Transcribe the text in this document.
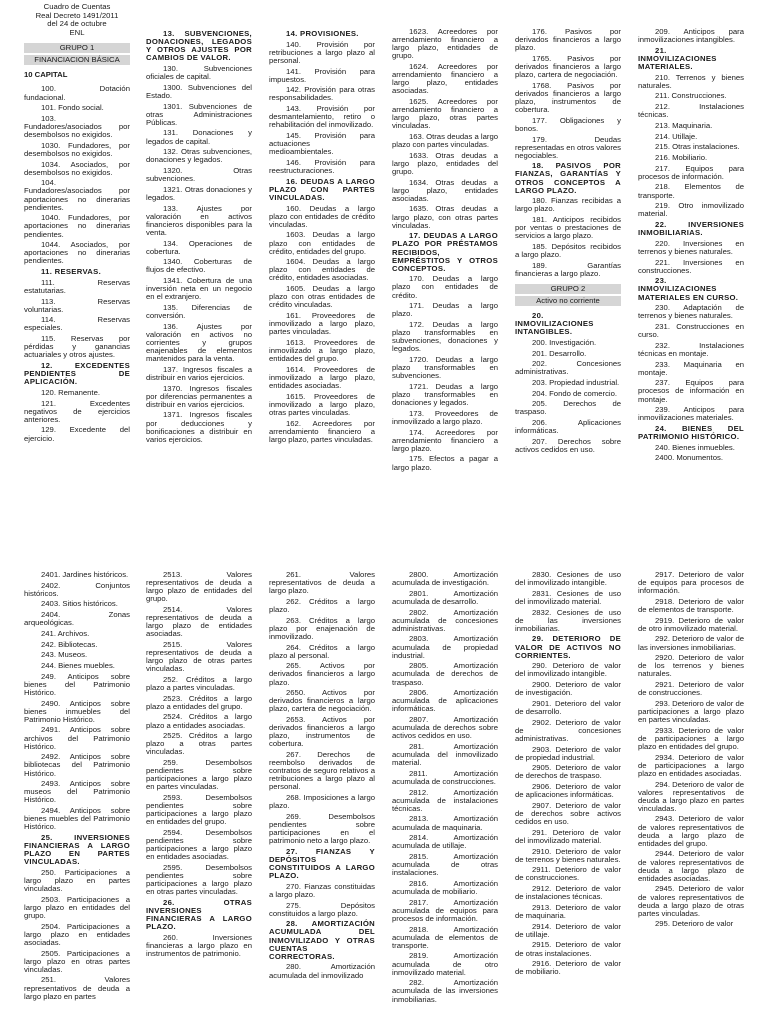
Cuadro de Cuentas

Real Decreto 1491/2011

del 24 de octubre

ENL

GRUPO 1

FINANCIACION BÁSICA

10 CAPITAL

100. Dotación fundacional.

101. Fondo social.

103. Fundadores/asociados por desembolsos no exigidos.

1030. Fundadores, por desembolsos no exigidos.

1034. Asociados, por desembolsos no exigidos.

104. Fundadores/asociados por aportaciones no dinerarias pendientes.

1040. Fundadores, por aportaciones no dinerarias pendientes.

1044. Asociados, por aportaciones no dinerarias pendientes.

11. RESERVAS.

111. Reservas estatutarias.

113. Reservas voluntarias.

114. Reservas especiales.

115. Reservas por pérdidas y ganancias actuariales y otros ajustes.

12. EXCEDENTES PENDIENTES DE APLICACIÓN.

120. Remanente.

121. Excedentes negativos de ejercicios anteriores.

129. Excedente del ejercicio.

13. SUBVENCIONES, DONACIONES, LEGADOS Y OTROS AJUSTES POR CAMBIOS DE VALOR.

130. Subvenciones oficiales de capital.

1300. Subvenciones del Estado.

1301. Subvenciones de otras Administraciones Públicas.

131. Donaciones y legados de capital.

132. Otras subvenciones, donaciones y legados.

1320. Otras subvenciones.

1321. Otras donaciones y legados.

133. Ajustes por valoración en activos financieros disponibles para la venta.

134. Operaciones de cobertura.

1340. Coberturas de flujos de efectivo.

1341. Cobertura de una inversión neta en un negocio en el extranjero.

135. Diferencias de conversión.

136. Ajustes por valoración en activos no corrientes y grupos enajenables de elementos mantenidos para la venta.

137. Ingresos fiscales a distribuir en varios ejercicios.

1370. Ingresos fiscales por diferencias permanentes a distribuir en varios ejercicios.

1371. Ingresos fiscales por deducciones y bonificaciones a distribuir en varios ejercicios.

14. PROVISIONES.

140. Provisión por retribuciones a largo plazo al personal.

141. Provisión para impuestos.

142. Provisión para otras responsabilidades.

143. Provisión por desmantelamiento, retiro o rehabilitación del inmovilizado.

145. Provisión para actuaciones medioambientales.

146. Provisión para reestructuraciones.

16. DEUDAS A LARGO PLAZO CON PARTES VINCULADAS.

160. Deudas a largo plazo con entidades de crédito vinculadas.

1603. Deudas a largo plazo con entidades de crédito, entidades del grupo.

1604. Deudas a largo plazo con entidades de crédito, entidades asociadas.

1605. Deudas a largo plazo con otras entidades de crédito vinculadas.

161. Proveedores de inmovilizado a largo plazo, partes vinculadas.

1613. Proveedores de inmovilizado a largo plazo, entidades del grupo.

1614. Proveedores de inmovilizado a largo plazo, entidades asociadas.

1615. Proveedores de inmovilizado a largo plazo, otras partes vinculadas.

162. Acreedores por arrendamiento financiero a largo plazo, partes vinculadas.

1623. Acreedores por arrendamiento financiero a largo plazo, entidades de grupo.

1624. Acreedores por arrendamiento financiero a largo plazo, entidades asociadas.

1625. Acreedores por arrendamiento financiero a largo plazo, otras partes vinculadas.

163. Otras deudas a largo plazo con partes vinculadas.

1633. Otras deudas a largo plazo, entidades del grupo.

1634. Otras deudas a largo plazo, entidades asociadas.

1635. Otras deudas a largo plazo, con otras partes vinculadas.

17. DEUDAS A LARGO PLAZO POR PRÉSTAMOS RECIBIDOS, EMPRÉSTITOS Y OTROS CONCEPTOS.

170. Deudas a largo plazo con entidades de crédito.

171. Deudas a largo plazo.

172. Deudas a largo plazo transformables en subvenciones, donaciones y legados.

1720. Deudas a largo plazo transformables en subvenciones.

1721. Deudas a largo plazo transformables en donaciones y legados.

173. Proveedores de inmovilizado a largo plazo.

174. Acreedores por arrendamiento financiero a largo plazo.

175. Efectos a pagar a largo plazo.

176. Pasivos por derivados financieros a largo plazo.

1765. Pasivos por derivados financieros a largo plazo, cartera de negociación.

1768. Pasivos por derivados financieros a largo plazo, instrumentos de cobertura.

177. Obligaciones y bonos.

179. Deudas representadas en otros valores negociables.

18. PASIVOS POR FIANZAS, GARANTÍAS Y OTROS CONCEPTOS A LARGO PLAZO.

180. Fianzas recibidas a largo plazo.

181. Anticipos recibidos por ventas o prestaciones de servicios a largo plazo.

185. Depósitos recibidos a largo plazo.

189. Garantías financieras a largo plazo.

GRUPO 2

Activo no corriente

20. INMOVILIZACIONES INTANGIBLES.

200. Investigación.

201. Desarrollo.

202. Concesiones administrativas.

203. Propiedad industrial.

204. Fondo de comercio.

205. Derechos de traspaso.

206. Aplicaciones informáticas.

207. Derechos sobre activos cedidos en uso.

209. Anticipos para inmovilizaciones intangibles.

21. INMOVILIZACIONES MATERIALES.

210. Terrenos y bienes naturales.

211. Construcciones.

212. Instalaciones técnicas.

213. Maquinaria.

214. Utillaje.

215. Otras instalaciones.

216. Mobiliario.

217. Equipos para procesos de información.

218. Elementos de transporte.

219. Otro inmovilizado material.

22. INVERSIONES INMOBILIARIAS.

220. Inversiones en terrenos y bienes naturales.

221. Inversiones en construcciones.

23. INMOVILIZACIONES MATERIALES EN CURSO.

230. Adaptación de terrenos y bienes naturales.

231. Construcciones en curso.

232. Instalaciones técnicas en montaje.

233. Maquinaria en montaje.

237. Equipos para procesos de información en montaje.

239. Anticipos para inmovilizaciones materiales.

24. BIENES DEL PATRIMONIO HISTÓRICO.

240. Bienes inmuebles.

2400. Monumentos.

2401. Jardines históricos.

2402. Conjuntos históricos.

2403. Sitios históricos.

2404. Zonas arqueológicas.

241. Archivos.

242. Bibliotecas.

243. Museos.

244. Bienes muebles.

249. Anticipos sobre bienes del Patrimonio Histórico.

2490. Anticipos sobre bienes inmuebles del Patrimonio Histórico.

2491. Anticipos sobre archivos del Patrimonio Histórico.

2492. Anticipos sobre bibliotecas del Patrimonio Histórico.

2493. Anticipos sobre museos del Patrimonio Histórico.

2494. Anticipos sobre bienes muebles del Patrimonio Histórico.

25. INVERSIONES FINANCIERAS A LARGO PLAZO EN PARTES VINCULADAS.

250. Participaciones a largo plazo en partes vinculadas.

2503. Participaciones a largo plazo en entidades del grupo.

2504. Participaciones a largo plazo en entidades asociadas.

2505. Participaciones a largo plazo en otras partes vinculadas.

251. Valores representativos de deuda a largo plazo en partes

2513. Valores representativos de deuda a largo plazo de entidades del grupo.

2514. Valores representativos de deuda a largo plazo de entidades asociadas.

2515. Valores representativos de deuda a largo plazo de otras partes vinculadas.

252. Créditos a largo plazo a partes vinculadas.

2523. Créditos a largo plazo a entidades del grupo.

2524. Créditos a largo plazo a entidades asociadas.

2525. Créditos a largo plazo a otras partes vinculadas.

259. Desembolsos pendientes sobre participaciones a largo plazo en partes vinculadas.

2593. Desembolsos pendientes sobre participaciones a largo plazo en entidades del grupo.

2594. Desembolsos pendientes sobre participaciones a largo plazo en entidades asociadas.

2595. Desembolsos pendientes sobre participaciones a largo plazo en otras partes vinculadas.

26. OTRAS INVERSIONES FINANCIERAS A LARGO PLAZO.

260. Inversiones financieras a largo plazo en instrumentos de patrimonio.

261. Valores representativos de deuda a largo plazo.

262. Créditos a largo plazo.

263. Créditos a largo plazo por enajenación de inmovilizado.

264. Créditos a largo plazo al personal.

265. Activos por derivados financieros a largo plazo.

2650. Activos por derivados financieros a largo plazo, cartera de negociación.

2653. Activos por derivados financieros a largo plazo, instrumentos de cobertura.

267. Derechos de reembolso derivados de contratos de seguro relativos a retribuciones a largo plazo al personal.

268. Imposiciones a largo plazo.

269. Desembolsos pendientes sobre participaciones en el patrimonio neto a largo plazo.

27. FIANZAS Y DEPÓSITOS CONSTITUIDOS A LARGO PLAZO.

270. Fianzas constituidas a largo plazo.

275. Depósitos constituidos a largo plazo.

28. AMORTIZACIÓN ACUMULADA DEL INMOVILIZADO Y OTRAS CUENTAS CORRECTORAS.

280. Amortización acumulada del inmovilizado

2800. Amortización acumulada de investigación.

2801. Amortización acumulada de desarrollo.

2802. Amortización acumulada de concesiones administrativas.

2803. Amortización acumulada de propiedad industrial.

2805. Amortización acumulada de derechos de traspaso.

2806. Amortización acumulada de aplicaciones informáticas.

2807. Amortización acumulada de derechos sobre activos cedidos en uso.

281. Amortización acumulada del inmovilizado material.

2811. Amortización acumulada de construcciones.

2812. Amortización acumulada de instalaciones técnicas.

2813. Amortización acumulada de maquinaria.

2814. Amortización acumulada de utillaje.

2815. Amortización acumulada de otras instalaciones.

2816. Amortización acumulada de mobiliario.

2817. Amortización acumulada de equipos para procesos de información.

2818. Amortización acumulada de elementos de transporte.

2819. Amortización acumulada de otro inmovilizado material.

282. Amortización acumulada de las inversiones inmobiliarias.

2830. Cesiones de uso del inmovilizado intangible.

2831. Cesiones de uso del inmovilizado material.

2832. Cesiones de uso de las inversiones inmobiliarias.

29. DETERIORO DE VALOR DE ACTIVOS NO CORRIENTES.

290. Deterioro de valor del inmovilizado intangible.

2900. Deterioro de valor de investigación.

2901. Deterioro del valor de desarrollo.

2902. Deterioro de valor de concesiones administrativas.

2903. Deterioro de valor de propiedad industrial.

2905. Deterioro de valor de derechos de traspaso.

2906. Deterioro de valor de aplicaciones informáticas.

2907. Deterioro de valor de derechos sobre activos cedidos en uso.

291. Deterioro de valor del inmovilizado material.

2910. Deterioro de valor de terrenos y bienes naturales.

2911. Deterioro de valor de construcciones.

2912. Deterioro de valor de instalaciones técnicas.

2913. Deterioro de valor de maquinaria.

2914. Deterioro de valor de utillaje.

2915. Deterioro de valor de otras instalaciones.

2916. Deterioro de valor de mobiliario.

2917. Deterioro de valor de equipos para procesos de información.

2918. Deterioro de valor de elementos de transporte.

2919. Deterioro de valor de otro inmovilizado material.

292. Deterioro de valor de las inversiones inmobiliarias.

2920. Deterioro de valor de los terrenos y bienes naturales.

2921. Deterioro de valor de construcciones.

293. Deterioro de valor de participaciones a largo plazo en partes vinculadas.

2933. Deterioro de valor de participaciones a largo plazo en entidades del grupo.

2934. Deterioro de valor de participaciones a largo plazo en entidades asociadas.

294. Deterioro de valor de valores representativos de deuda a largo plazo en partes vinculadas.

2943. Deterioro de valor de valores representativos de deuda a largo plazo de entidades del grupo.

2944. Deterioro de valor de valores representativos de deuda a largo plazo de entidades asociadas.

2945. Deterioro de valor de valores representativos de deuda a largo plazo de otras partes vinculadas.

295. Deterioro de valor
